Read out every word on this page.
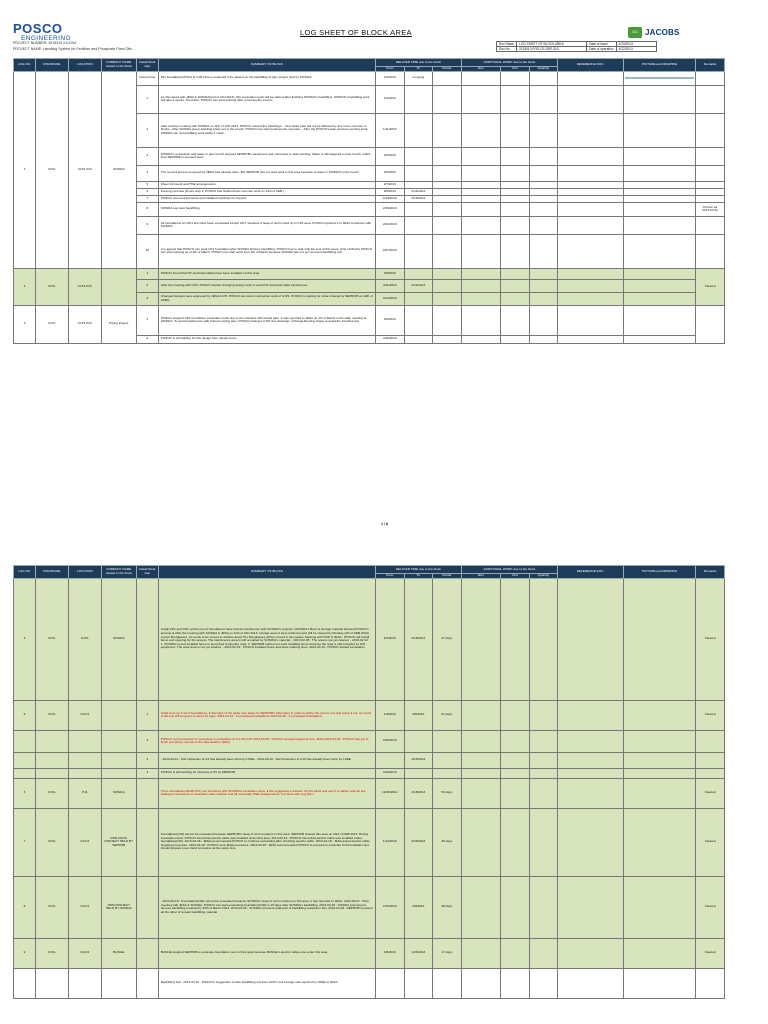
POSCO
ENGINEERING
LOG SHEET OF BLOCK AREA
PROJECT NUMBER: 3015310 01/11/M
PROJECT NAME: Handling System for Fertilizer and Phosphate Plant Ofis
GO JACOBS
Doc Name	LOG SHEET OF BLOCK AREA	Date of Issue	2/20/2013
Doc No	2133010 POS-CE-DEP-313	Date of operation	4/22/2013
LOG NO.	DISCIPLINE	LOCATION	COMPANY NAME related to the block	Detail Work step	SUMMARY OF BLOCK	DELAYED TIME due to the block			ADDITIONAL WORK due to the block			REFERENCE DOC.	PICTURE and DRAWING	Remarks
						From	To	Period	Item	Unit	Quantity			
1	CIVIL	C1P1,P12	SOSIDA	Issued time	Pile foundation(CP1/2) at C1P1 line is expected to be placed on the backfilling of pipe project held by SOSIDA.	1/2/2013	on going						

				1	As discussed with JESA & SOSIDA(2nd of JAN 2013), this excavation work will be started after finishing SOSIDA's backfilling. SOSIDA's backfilling work will take 4 weeks. Therefore, POSCO can start working after removing the excess.	1/2/2013							

				2	After another meeting with SOSIDA on 11th of JAN 2013, POSCO noticed the followings. - One water pipe will not be affected by any more concrete or blocks - After SOSIDA pump standing water out to the trench, POSCO can start pouring lean concrete. - After the POSCO's lean concrete pouring work, SOSIDA can do backfilling work within 1 week.	1/11/2013							

				3	SOSIDA's excavation and water in pipe trench stopped SEPROB's equipment and manpower to start working. Water is still stagnant in pipe trench, which stop SEPROB to proceed work.	2/6/2013								
				4	The second access proposed by JESA was already done. But SEPROB can not start work in this area because of water in SOSIDA's pipe trench.	2/6/2013								
				5	Sheet formwork and HSE arrangements.	2/7/2013								
				6	Pouring concrete (Pours step 2, POSCO has finished lean concrete work on 12th of FEB.)	2/8/2013	2/11/2013							
				7	POSCO removed formwork and installed overflows for support.	2/14/2013	2/19/2013							
				8	SOSIDA can start backfilling.	2/19/2013								Person as 2013.03.22
				9	All foundations of C1P1 line have been excavated except CP1, because a heap of soil is piled up in CP1 area. POSCO reported it to JESA to discuss with SOSIDA.	2/22/2013								
				10	It is agreed that POSCO can work CP1 foundation after SOSIDA finishes backfilling. POSCO has to wait until the end of this week. (2nd of March) POSCO can start working as of 4th of March. POSCO can start work from 4th of March because SOSIDA has not yet removed backfilling soil.	2/27/2013								
2	CIVIL	C1P1,P12	-	1	POSCO found that HV electrical cables have been installed on this area.	3/8/2013								Cleared
				2	After the meeting with OCP, POSCO started changing design work to avoid HV electrical cable interference.	3/11/2013	4/11/2013							
				3	Changed designs were approved by JESA & RH. POSCO can start construction work of C1P1. POSCO is waiting for rebar ordered by SEPROB on 12th of APRIL	4/12/2013								
3	CIVIL	C1P1,P12	Piping Project	1	POSCO stopped CP1 foundation excavation work due to the interface with buried pipe. It was reported to JESA on 4th of March in the daily meeting at SOSIDA. To avoid interference with buried existing pipe, POSCO changes C1P1 line drawings. (Change Routing shape to avoid the interference)	3/2/2013							

				2	POSCO is still waiting for this design from Jacobs team.	4/18/2013								
1 / 8
LOG NO.	DISCIPLINE	LOCATION	COMPANY NAME related to the block	Detail Work step	SUMMARY OF BLOCK	DELAYED TIME due to the block			ADDITIONAL WORK due to the block			REFERENCE DOC.	PICTURE and DRAWING	Remarks
						From	To	Period	Item	Unit	Quantity			
4	CIVIL	C1P1	SOSIDA		Install CP1 and CP2, all the rest of foundations have had an interference with SOSIDA's projects. (SOSIDA's Boxs & storage material blocked POSCO's access) ● After the meeting with SOSIDA & JESA on 11th of JAN 2013, storage area of steel reinforcement will be cleared by Monday (4th of FEB 2013) except fiberglasses. (It needs to be moved to another area) The fiberglasses will be moved in two weeks. Meeting with OCP & JESA : POSCO will install fence and opening for the access. The interference area is still occupied by SOSIDA's material. - 2013-02-08 : The area is not yet cleared. - 2013-02-12 : 1. SOSIDA moved installed fence to keep their temporary road. 2. SEPROB carried out work installing fence because the area is still occupied by GIS equipment. The work area is not yet cleared. - 2013-02-19 : POSCO installed fence and drew marking lines. 2013-03-19 : POSCO started excavation	1/2/2013	2/18/2013	47 days						Cleared
5	CIVIL	C1/C2	-	1	Initial zone up 4 am 2 foundations. ● Samples of the water was taken by SEPROB's laboratory in order to define the source of it and pump it out. As result of lab test will be given to about 10 days. 2013-03-21 : 2 excavated foundations 2013-03-26 : 4 excavated foundations	1/3/2013	3/5/2013	61 days						Cleared
				2	POSCO sent procedure for correcting in excavation of 'C1-C5-C10' 2013-03-05 : POSCO received approval from JESA 2013-03-26 : POSCO has yet to finish pumping it out due to the bad weather (Rain)	2/26/2013								
				3	- 2013-04-11 : Soil Inspection of C3 has already been done by LPEE - 2013-04-15 : Soil Inspection of C12 has already been done by LPEE		4/15/2013							
				4	POSCO is still working for cleaning of C5 by SEPROB.	4/16/2013								
6	CIVIL	P11	SOSIDA		Three foundations(3C20,C21) are interfered with SOSIDA's excavation area. ● We suggested a solution for this block and sent it to JESA, and we are waiting an procedure of excavation after solution and all necessary HSE arrangements. It is done with Log NO.1	12/26/2012	2/18/2013	54 days						Cleared
7	CIVIL	C1/C2	PIPE RACK PROJECT HELD BY SEPROB		Foundation(C16) cannot be excavated because SEPROB's heap of soil is located on this area. SEPROB cleared this area on 23rd of FEB 2013. During excavation work, POSCO found that electric cable was installed under that area. 2013-03-15 : POSCO found that electric cable was installed under foundation(C16). 2013-03-18 : JESA recommended POSCO to continue excavating after checking electric cable. 2013-03-18 : JESA asked electric cable stopping procedure. 2013-03-18 : POSCO sent JESA procedure. 2013-03-25 : JESA recommended POSCO to proceed to excavate C16 foundation and should prepare more hand procedure at the same time	1/14/2013	2/23/2013	39 days						Cleared
8	CIVIL	C1/C2	PIPE PROJECT HELD BY SOSIDA		- 2013-02-15 : Foundation(C20) cannot be excavated because SOSIDA's heap of soil is located on this area. It has reported to JESA. 2013-03-07 : Plan meeting with JESA & SOSIDA, POSCO can start excavating foundation(C20) in 15 days after SOSIDA's backfilling. 2013-03-28 : SOSIDA promised to remove backfilling material by 29th of March 2013. 2013-04-05 : SOSIDA removed small part of backfilling material in this. 2013-04-09 : SEPROB removed all the other of remain backfilling material	2/15/2013	4/9/2013	48 days						Cleared
9	CIVIL	C1/C2	BUNGE		BUNGE stopped SEPROB to excavate foundation next to their gate because BUNGE's electric cables are under this area.	1/8/2013	1/24/2013	17 days						Cleared
					Backfilling Soil : 2013-03-01 : POSCO's suggestion to take backfilling soil from OCP's soil storage was rejected by LPEE of JESA									
